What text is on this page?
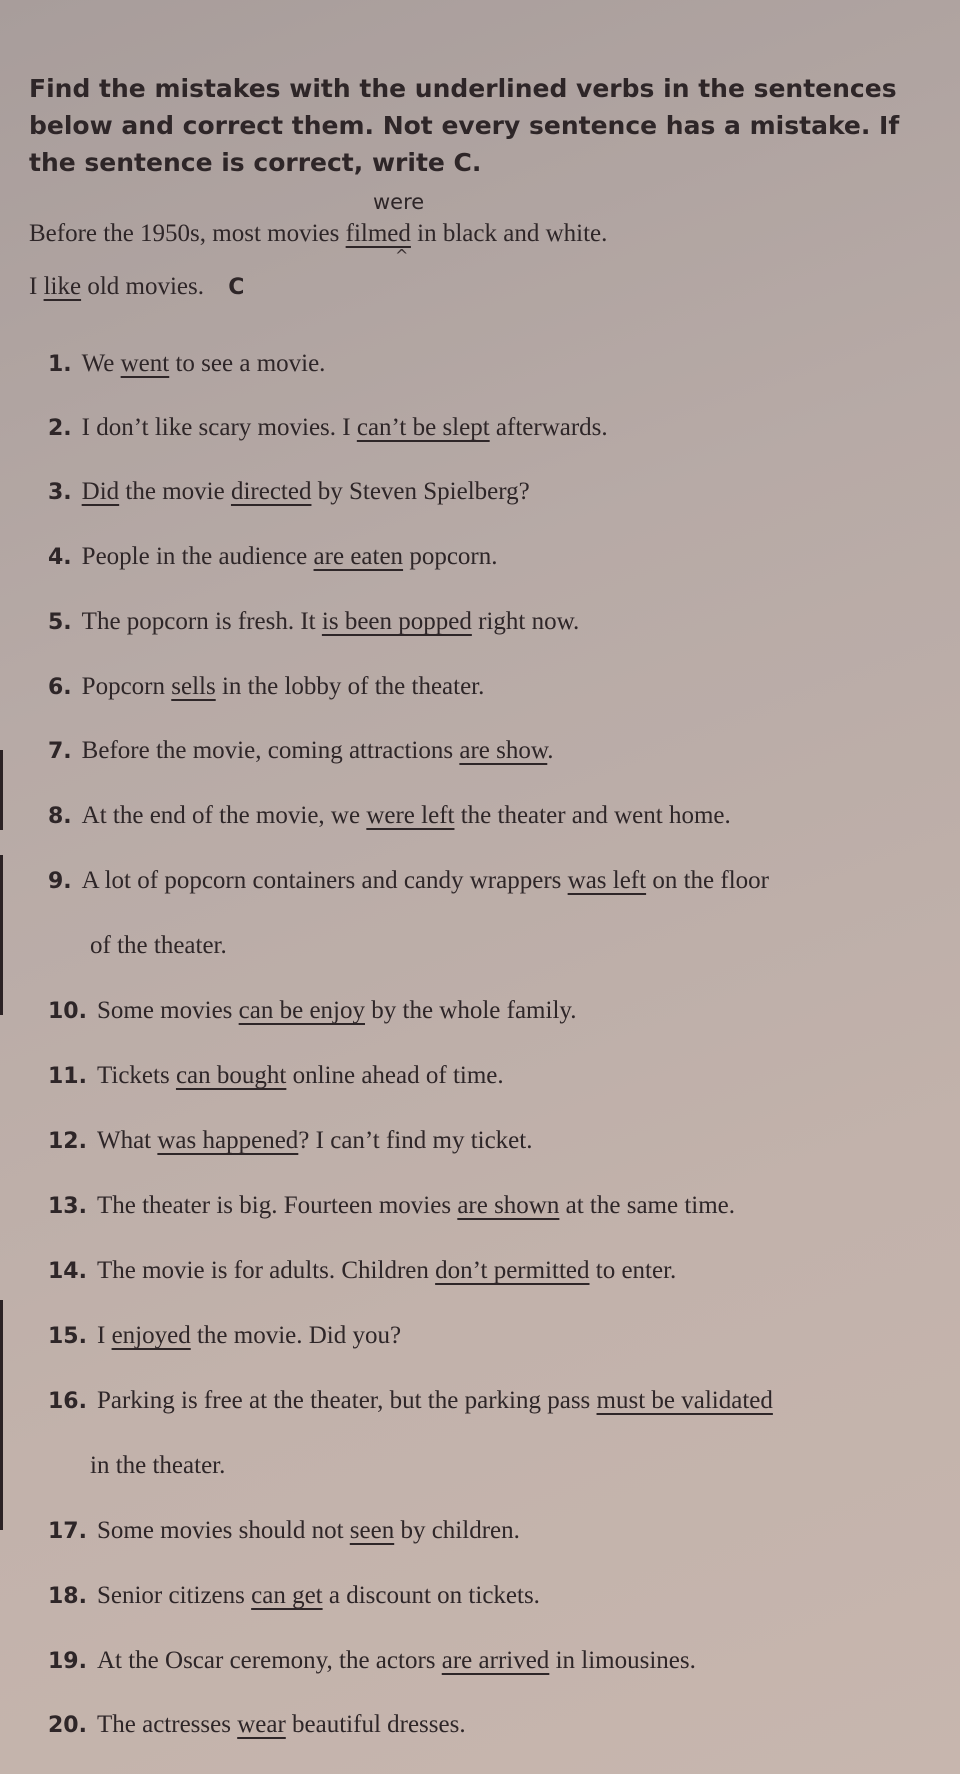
Find the mistakes with the underlined verbs in the sentences below and correct them. Not every sentence has a mistake. If the sentence is correct, write C.

were
^
Before the 1950s, most movies filmed in black and white.
I like old movies. C
1. We went to see a movie.
2. I don’t like scary movies. I can’t be slept afterwards.
3. Did the movie directed by Steven Spielberg?
4. People in the audience are eaten popcorn.
5. The popcorn is fresh. It is been popped right now.
6. Popcorn sells in the lobby of the theater.
7. Before the movie, coming attractions are show.
8. At the end of the movie, we were left the theater and went home.
9. A lot of popcorn containers and candy wrappers was left on the floor
of the theater.
10. Some movies can be enjoy by the whole family.
11. Tickets can bought online ahead of time.
12. What was happened? I can’t find my ticket.
13. The theater is big. Fourteen movies are shown at the same time.
14. The movie is for adults. Children don’t permitted to enter.
15. I enjoyed the movie. Did you?
16. Parking is free at the theater, but the parking pass must be validated
in the theater.
17. Some movies should not seen by children.
18. Senior citizens can get a discount on tickets.
19. At the Oscar ceremony, the actors are arrived in limousines.
20. The actresses wear beautiful dresses.
